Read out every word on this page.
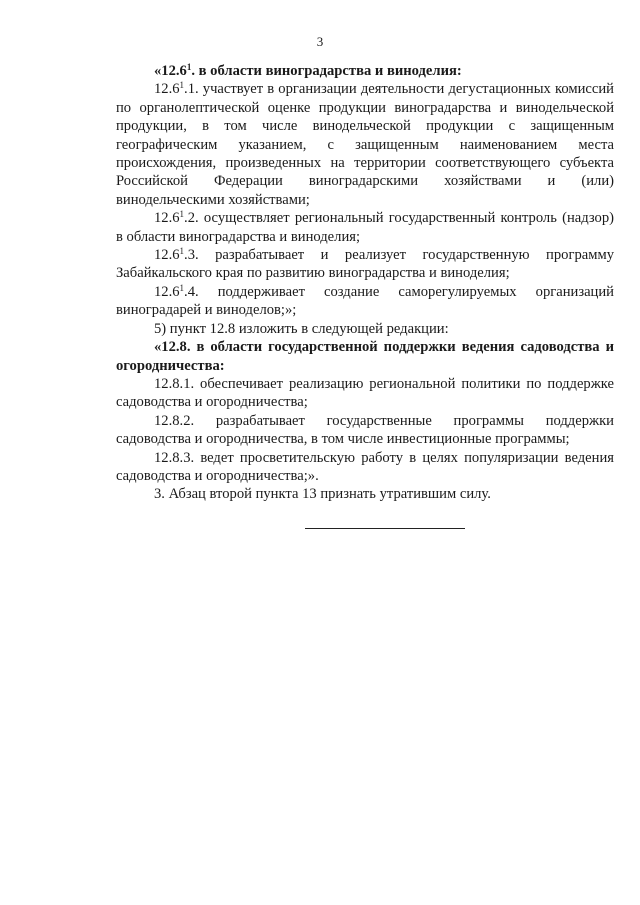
3

«12.6$^1$. в области виноградарства и виноделия:

12.6$^1$.1. участвует в организации деятельности дегустационных комиссий по органолептической оценке продукции виноградарства и винодельческой продукции, в том числе винодельческой продукции с защищенным географическим указанием, с защищенным наименованием места происхождения, произведенных на территории соответствующего субъекта Российской Федерации виноградарскими хозяйствами и (или) винодельческими хозяйствами;

12.6$^1$.2. осуществляет региональный государственный контроль (надзор) в области виноградарства и виноделия;

12.6$^1$.3. разрабатывает и реализует государственную программу Забайкальского края по развитию виноградарства и виноделия;

12.6$^1$.4. поддерживает создание саморегулируемых организаций виноградарей и виноделов;»;

5) пункт 12.8 изложить в следующей редакции:

«12.8. в области государственной поддержки ведения садоводства и огородничества:

12.8.1. обеспечивает реализацию региональной политики по поддержке садоводства и огородничества;

12.8.2. разрабатывает государственные программы поддержки садоводства и огородничества, в том числе инвестиционные программы;

12.8.3. ведет просветительскую работу в целях популяризации ведения садоводства и огородничества;».

3. Абзац второй пункта 13 признать утратившим силу.
